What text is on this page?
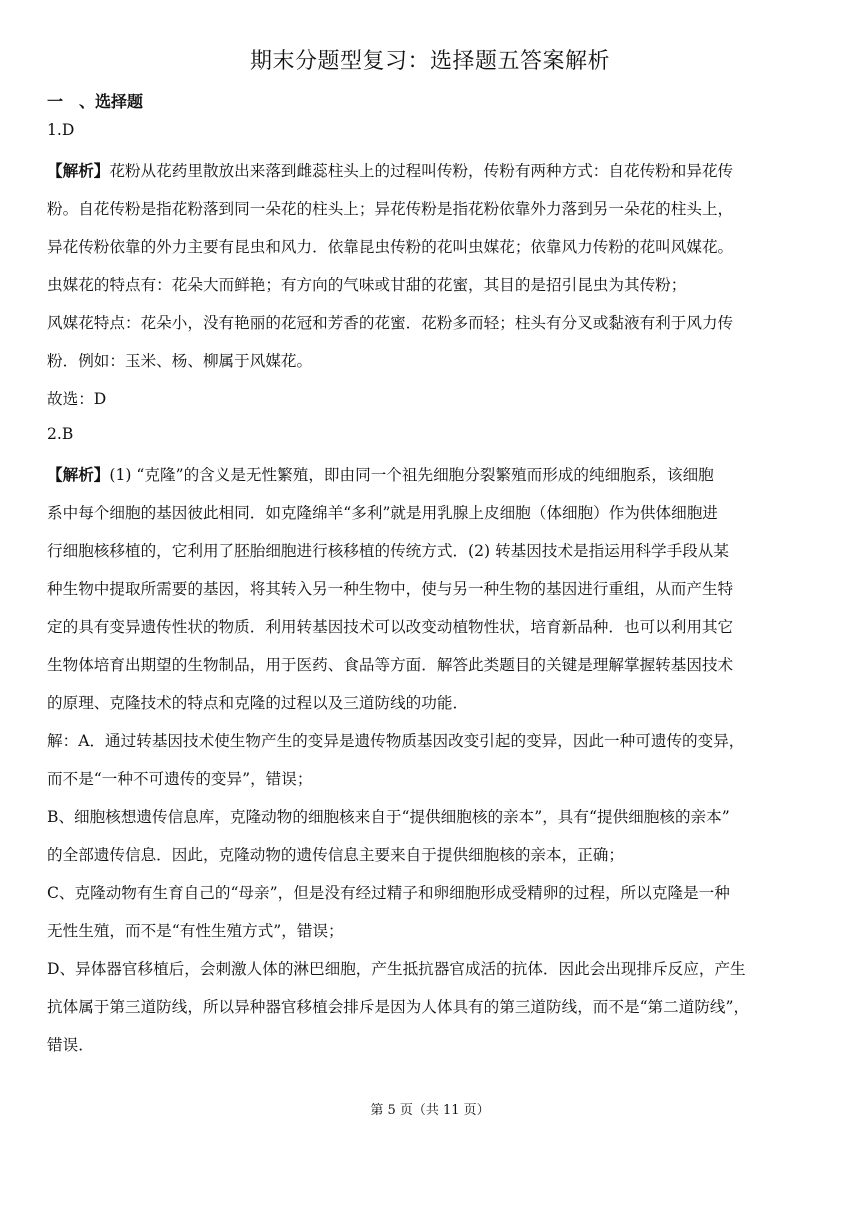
期末分题型复习：选择题五答案解析
一　、选择题
1.D
【解析】花粉从花药里散放出来落到雌蕊柱头上的过程叫传粉，传粉有两种方式：自花传粉和异花传
粉。自花传粉是指花粉落到同一朵花的柱头上；异花传粉是指花粉依靠外力落到另一朵花的柱头上，
异花传粉依靠的外力主要有昆虫和风力．依靠昆虫传粉的花叫虫媒花；依靠风力传粉的花叫风媒花。
虫媒花的特点有：花朵大而鲜艳；有方向的气味或甘甜的花蜜，其目的是招引昆虫为其传粉；
风媒花特点：花朵小，没有艳丽的花冠和芳香的花蜜．花粉多而轻；柱头有分叉或黏液有利于风力传
粉．例如：玉米、杨、柳属于风媒花。
故选：D
2.B
【解析】(1) “克隆”的含义是无性繁殖，即由同一个祖先细胞分裂繁殖而形成的纯细胞系，该细胞
系中每个细胞的基因彼此相同．如克隆绵羊“多利”就是用乳腺上皮细胞（体细胞）作为供体细胞进
行细胞核移植的，它利用了胚胎细胞进行核移植的传统方式．(2) 转基因技术是指运用科学手段从某
种生物中提取所需要的基因，将其转入另一种生物中，使与另一种生物的基因进行重组，从而产生特
定的具有变异遗传性状的物质．利用转基因技术可以改变动植物性状，培育新品种．也可以利用其它
生物体培育出期望的生物制品，用于医药、食品等方面．解答此类题目的关键是理解掌握转基因技术
的原理、克隆技术的特点和克隆的过程以及三道防线的功能．
解：A．通过转基因技术使生物产生的变异是遗传物质基因改变引起的变异，因此一种可遗传的变异，
而不是“一种不可遗传的变异”，错误；
B、细胞核想遗传信息库，克隆动物的细胞核来自于“提供细胞核的亲本”，具有“提供细胞核的亲本”
的全部遗传信息．因此，克隆动物的遗传信息主要来自于提供细胞核的亲本，正确；
C、克隆动物有生育自己的“母亲”，但是没有经过精子和卵细胞形成受精卵的过程，所以克隆是一种
无性生殖，而不是“有性生殖方式”，错误；
D、异体器官移植后，会刺激人体的淋巴细胞，产生抵抗器官成活的抗体．因此会出现排斥反应，产生
抗体属于第三道防线，所以异种器官移植会排斥是因为人体具有的第三道防线，而不是“第二道防线”，
错误．
第 5 页（共 11 页）
